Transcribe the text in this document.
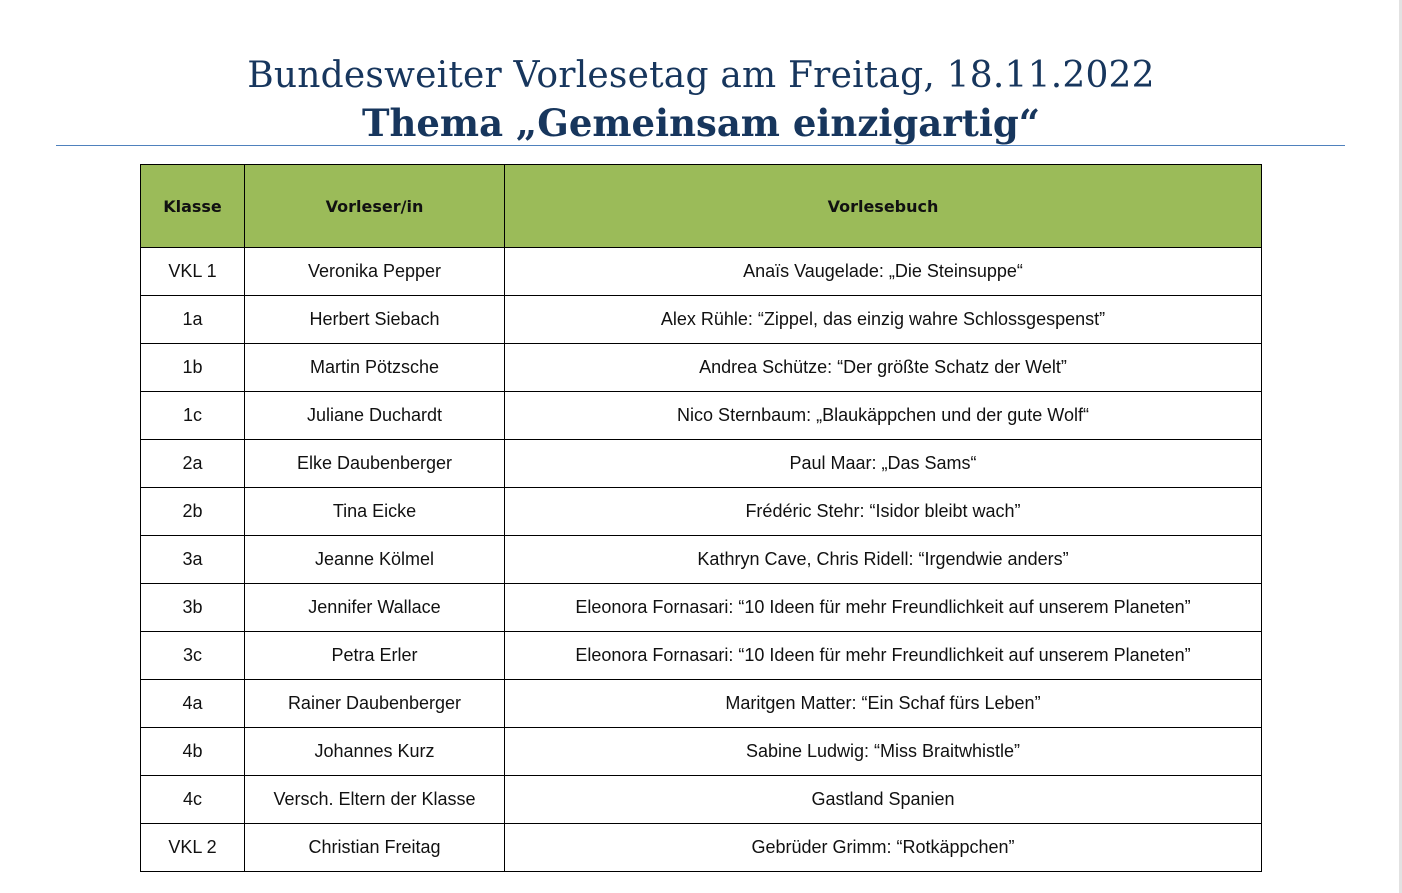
Bundesweiter Vorlesetag am Freitag, 18.11.2022
Thema „Gemeinsam einzigartig“
Klasse	Vorleser/in	Vorlesebuch
VKL 1	Veronika Pepper	Anaïs Vaugelade: „Die Steinsuppe“
1a	Herbert Siebach	Alex Rühle: “Zippel, das einzig wahre Schlossgespenst”
1b	Martin Pötzsche	Andrea Schütze: “Der größte Schatz der Welt”
1c	Juliane Duchardt	Nico Sternbaum: „Blaukäppchen und der gute Wolf“
2a	Elke Daubenberger	Paul Maar: „Das Sams“
2b	Tina Eicke	Frédéric Stehr: “Isidor bleibt wach”
3a	Jeanne Kölmel	Kathryn Cave, Chris Ridell: “Irgendwie anders”
3b	Jennifer Wallace	Eleonora Fornasari: “10 Ideen für mehr Freundlichkeit auf unserem Planeten”
3c	Petra Erler	Eleonora Fornasari: “10 Ideen für mehr Freundlichkeit auf unserem Planeten”
4a	Rainer Daubenberger	Maritgen Matter: “Ein Schaf fürs Leben”
4b	Johannes Kurz	Sabine Ludwig: “Miss Braitwhistle”
4c	Versch. Eltern der Klasse	Gastland Spanien
VKL 2	Christian Freitag	Gebrüder Grimm: “Rotkäppchen”
